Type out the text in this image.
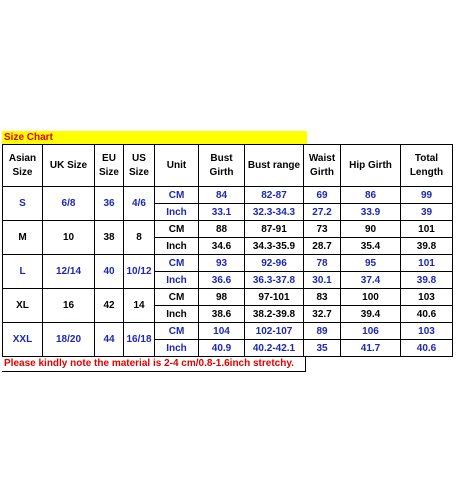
Size Chart
Asian Size	UK Size	EU Size	US Size	Unit	Bust Girth	Bust range	Waist Girth	Hip Girth	Total Length
S	6/8	36	4/6	CM	84	82-87	69	86	99
				Inch	33.1	32.3-34.3	27.2	33.9	39
M	10	38	8	CM	88	87-91	73	90	101
				Inch	34.6	34.3-35.9	28.7	35.4	39.8
L	12/14	40	10/12	CM	93	92-96	78	95	101
				Inch	36.6	36.3-37.8	30.1	37.4	39.8
XL	16	42	14	CM	98	97-101	83	100	103
				Inch	38.6	38.2-39.8	32.7	39.4	40.6
XXL	18/20	44	16/18	CM	104	102-107	89	106	103
				Inch	40.9	40.2-42.1	35	41.7	40.6
Please kindly note the material is 2-4 cm/0.8-1.6inch stretchy.
